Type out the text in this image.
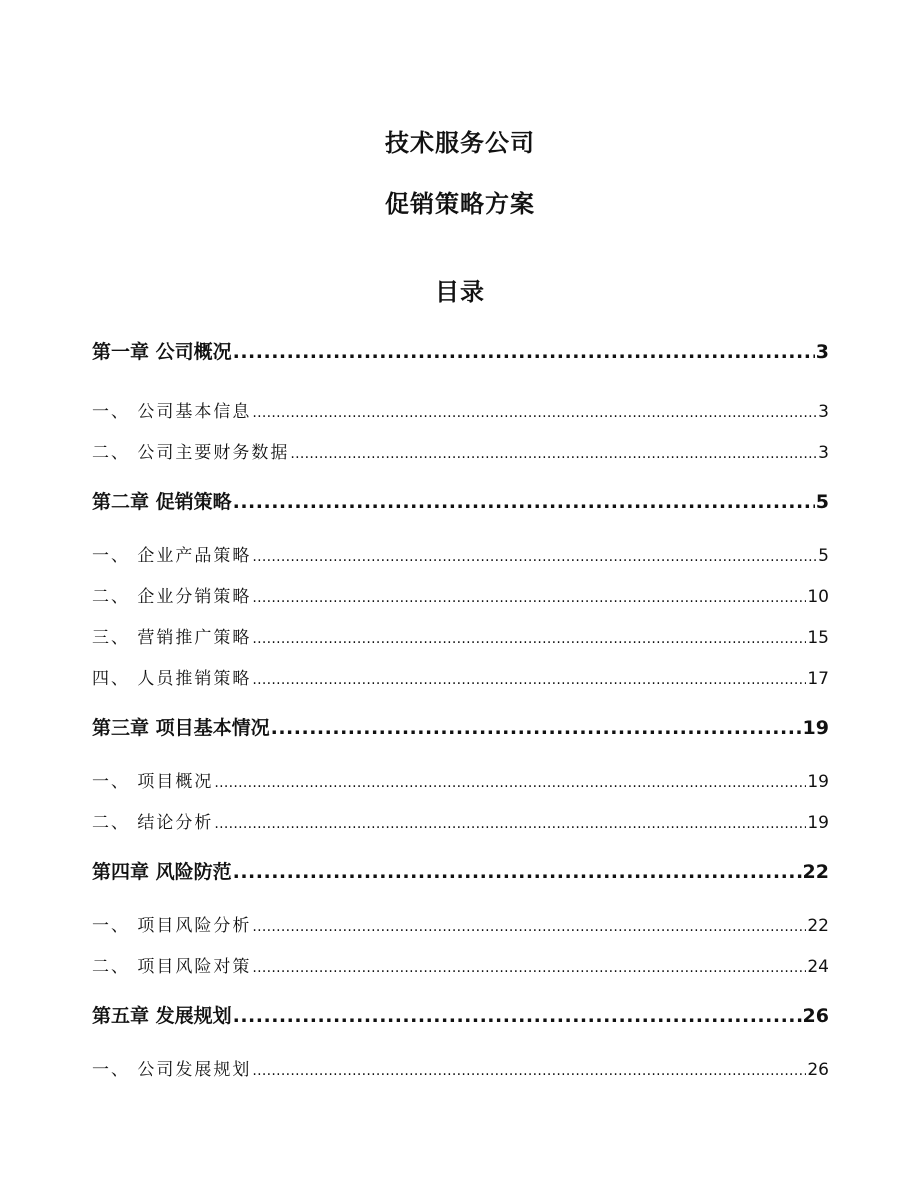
技术服务公司
促销策略方案
目录
第一章 公司概况 .....	3
一、 公司基本信息 .....	3
二、 公司主要财务数据 .....	3
第二章 促销策略 .....	5
一、 企业产品策略 .....	5
二、 企业分销策略 .....	10
三、 营销推广策略 .....	15
四、 人员推销策略 .....	17
第三章 项目基本情况 .....	19
一、 项目概况 .....	19
二、 结论分析 .....	19
第四章 风险防范 .....	22
一、 项目风险分析 .....	22
二、 项目风险对策 .....	24
第五章 发展规划 .....	26
一、 公司发展规划 .....	26
